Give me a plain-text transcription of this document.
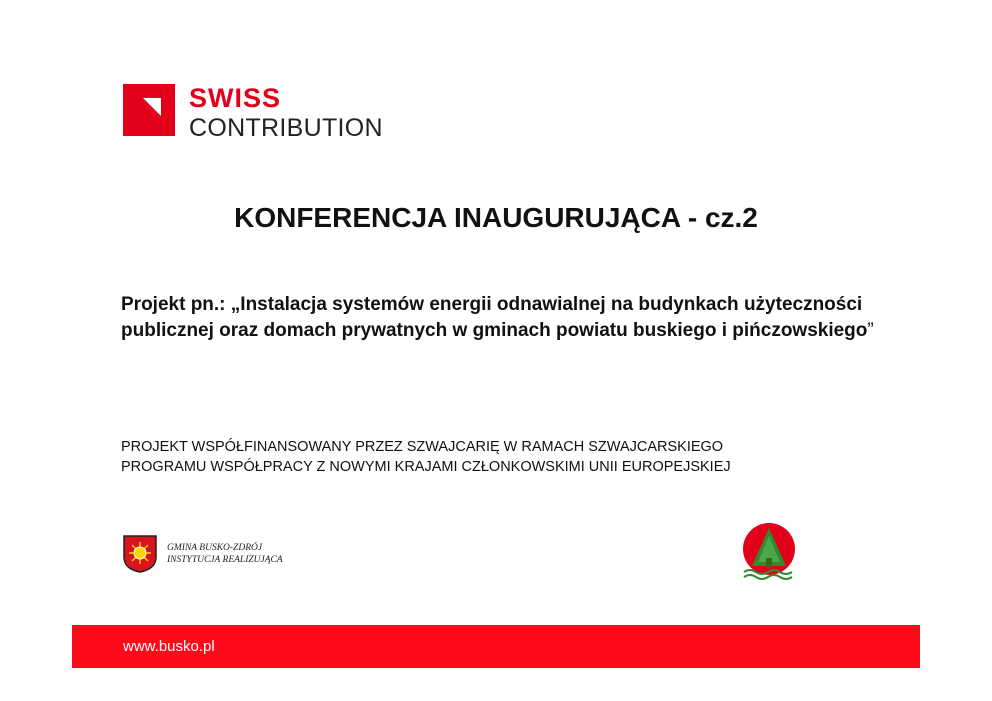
SWISS
CONTRIBUTION
KONFERENCJA INAUGURUJĄCA - cz.2
Projekt pn.: „Instalacja systemów energii odnawialnej na budynkach użyteczności publicznej oraz domach prywatnych w gminach powiatu buskiego i pińczowskiego”
PROJEKT WSPÓŁFINANSOWANY PRZEZ SZWAJCARIĘ W RAMACH SZWAJCARSKIEGO
PROGRAMU WSPÓŁPRACY Z NOWYMI KRAJAMI CZŁONKOWSKIMI UNII EUROPEJSKIEJ
GMINA BUSKO-ZDRÓJ
INSTYTUCJA REALIZUJĄCA
www.busko.pl
